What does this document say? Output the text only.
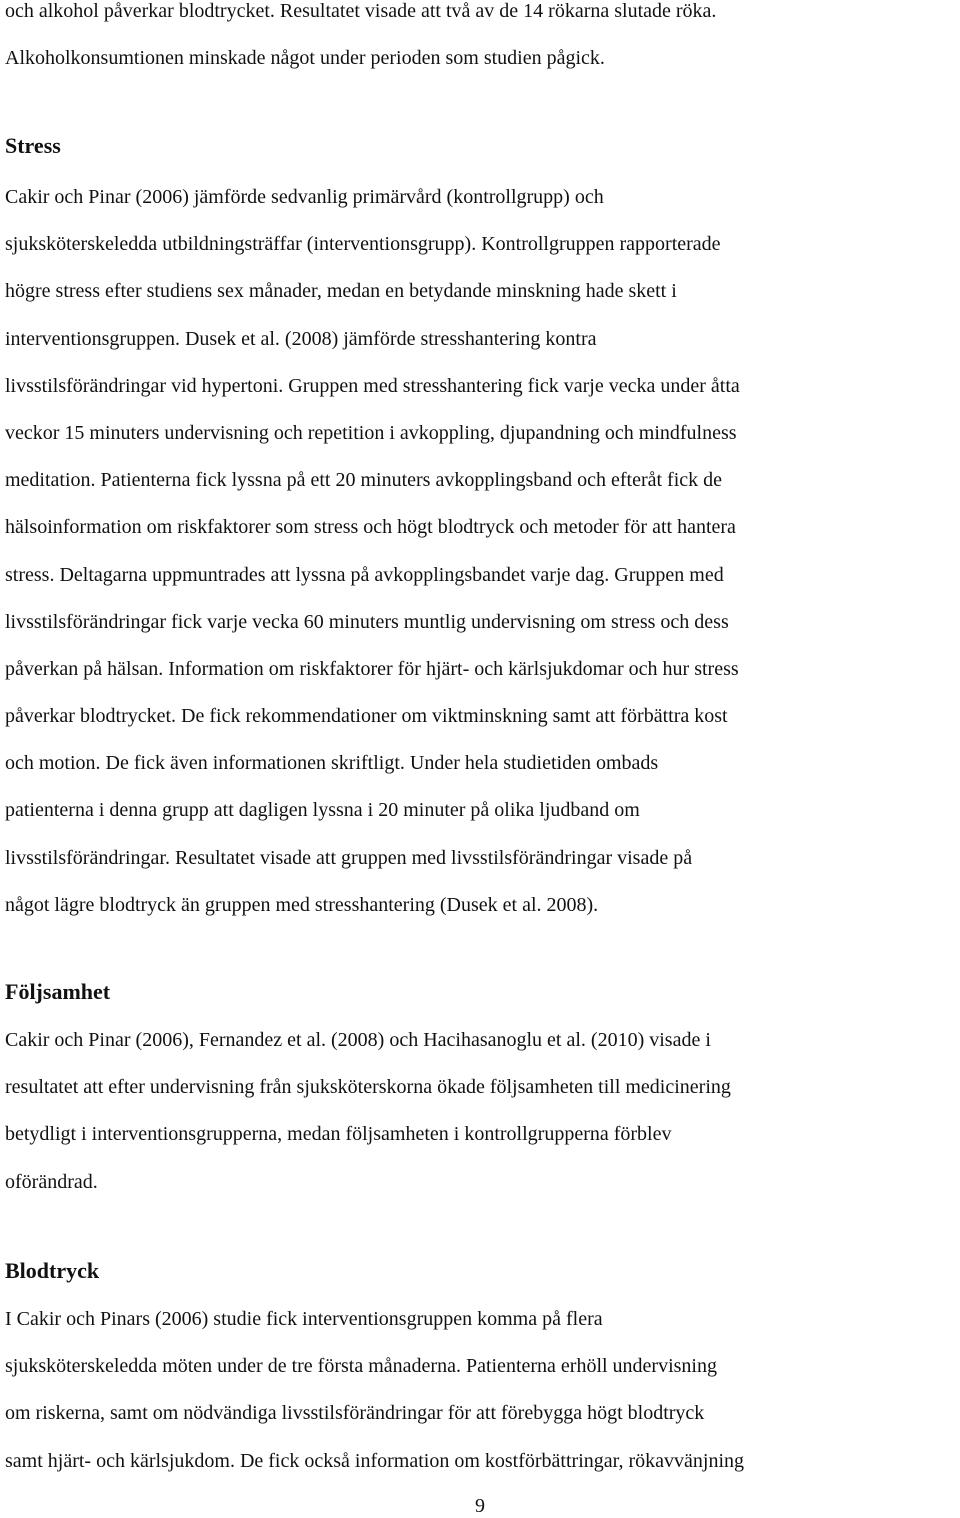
och alkohol påverkar blodtrycket. Resultatet visade att två av de 14 rökarna slutade röka.
Alkoholkonsumtionen minskade något under perioden som studien pågick.

Stress

Cakir och Pinar (2006) jämförde sedvanlig primärvård (kontrollgrupp) och
sjuksköterskeledda utbildningsträffar (interventionsgrupp). Kontrollgruppen rapporterade
högre stress efter studiens sex månader, medan en betydande minskning hade skett i
interventionsgruppen. Dusek et al. (2008) jämförde stresshantering kontra
livsstilsförändringar vid hypertoni. Gruppen med stresshantering fick varje vecka under åtta
veckor 15 minuters undervisning och repetition i avkoppling, djupandning och mindfulness
meditation. Patienterna fick lyssna på ett 20 minuters avkopplingsband och efteråt fick de
hälsoinformation om riskfaktorer som stress och högt blodtryck och metoder för att hantera
stress. Deltagarna uppmuntrades att lyssna på avkopplingsbandet varje dag. Gruppen med
livsstilsförändringar fick varje vecka 60 minuters muntlig undervisning om stress och dess
påverkan på hälsan. Information om riskfaktorer för hjärt- och kärlsjukdomar och hur stress
påverkar blodtrycket. De fick rekommendationer om viktminskning samt att förbättra kost
och motion. De fick även informationen skriftligt. Under hela studietiden ombads
patienterna i denna grupp att dagligen lyssna i 20 minuter på olika ljudband om
livsstilsförändringar. Resultatet visade att gruppen med livsstilsförändringar visade på
något lägre blodtryck än gruppen med stresshantering (Dusek et al. 2008).

Följsamhet

Cakir och Pinar (2006), Fernandez et al. (2008) och Hacihasanoglu et al. (2010) visade i
resultatet att efter undervisning från sjuksköterskorna ökade följsamheten till medicinering
betydligt i interventionsgrupperna, medan följsamheten i kontrollgrupperna förblev
oförändrad.

Blodtryck

I Cakir och Pinars (2006) studie fick interventionsgruppen komma på flera
sjuksköterskeledda möten under de tre första månaderna. Patienterna erhöll undervisning
om riskerna, samt om nödvändiga livsstilsförändringar för att förebygga högt blodtryck
samt hjärt- och kärlsjukdom. De fick också information om kostförbättringar, rökavvänjning

9
